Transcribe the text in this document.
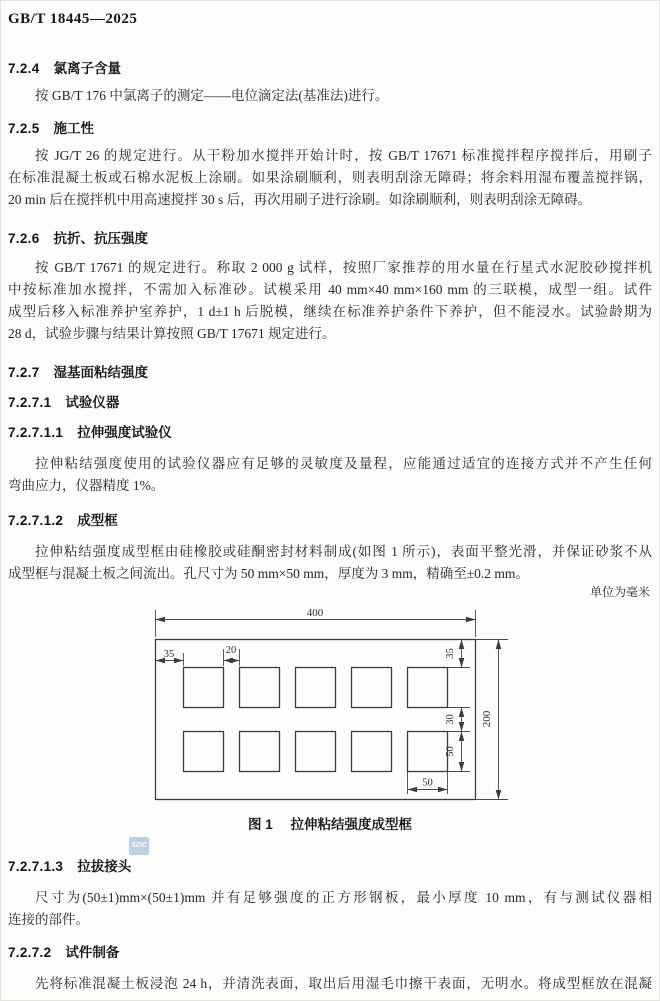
GB/T 18445—2025
7.2.4 氯离子含量
按 GB/T 176 中氯离子的测定——电位滴定法(基准法)进行。
7.2.5 施工性
按 JG/T 26 的规定进行。从干粉加水搅拌开始计时，按 GB/T 17671 标准搅拌程序搅拌后，用刷子
在标准混凝土板或石棉水泥板上涂刷。如果涂刷顺利，则表明刮涂无障碍；将余料用湿布覆盖搅拌锅，
20 min 后在搅拌机中用高速搅拌 30 s 后，再次用刷子进行涂刷。如涂刷顺利，则表明刮涂无障碍。
7.2.6 抗折、抗压强度
按 GB/T 17671 的规定进行。称取 2 000 g 试样，按照厂家推荐的用水量在行星式水泥胶砂搅拌机
中按标准加水搅拌，不需加入标准砂。试模采用 40 mm×40 mm×160 mm 的三联模，成型一组。试件
成型后移入标准养护室养护，1 d±1 h 后脱模，继续在标准养护条件下养护，但不能浸水。试验龄期为
28 d，试验步骤与结果计算按照 GB/T 17671 规定进行。
7.2.7 湿基面粘结强度
7.2.7.1 试验仪器
7.2.7.1.1 拉伸强度试验仪
拉伸粘结强度使用的试验仪器应有足够的灵敏度及量程，应能通过适宜的连接方式并不产生任何
弯曲应力，仪器精度 1%。
7.2.7.1.2 成型框
拉伸粘结强度成型框由硅橡胶或硅酮密封材料制成(如图 1 所示)，表面平整光滑，并保证砂浆不从
成型框与混凝土板之间流出。孔尺寸为 50 mm×50 mm，厚度为 3 mm，精确至±0.2 mm。
单位为毫米
400
35	20	35
30
50
200
50
SZiC
图 1 拉伸粘结强度成型框
7.2.7.1.3 拉拔接头
尺寸为(50±1)mm×(50±1)mm 并有足够强度的正方形钢板，最小厚度 10 mm，有与测试仪器相
连接的部件。
7.2.7.2 试件制备
先将标准混凝土板浸泡 24 h，并清洗表面，取出后用湿毛巾擦干表面，无明水。将成型框放在混凝
